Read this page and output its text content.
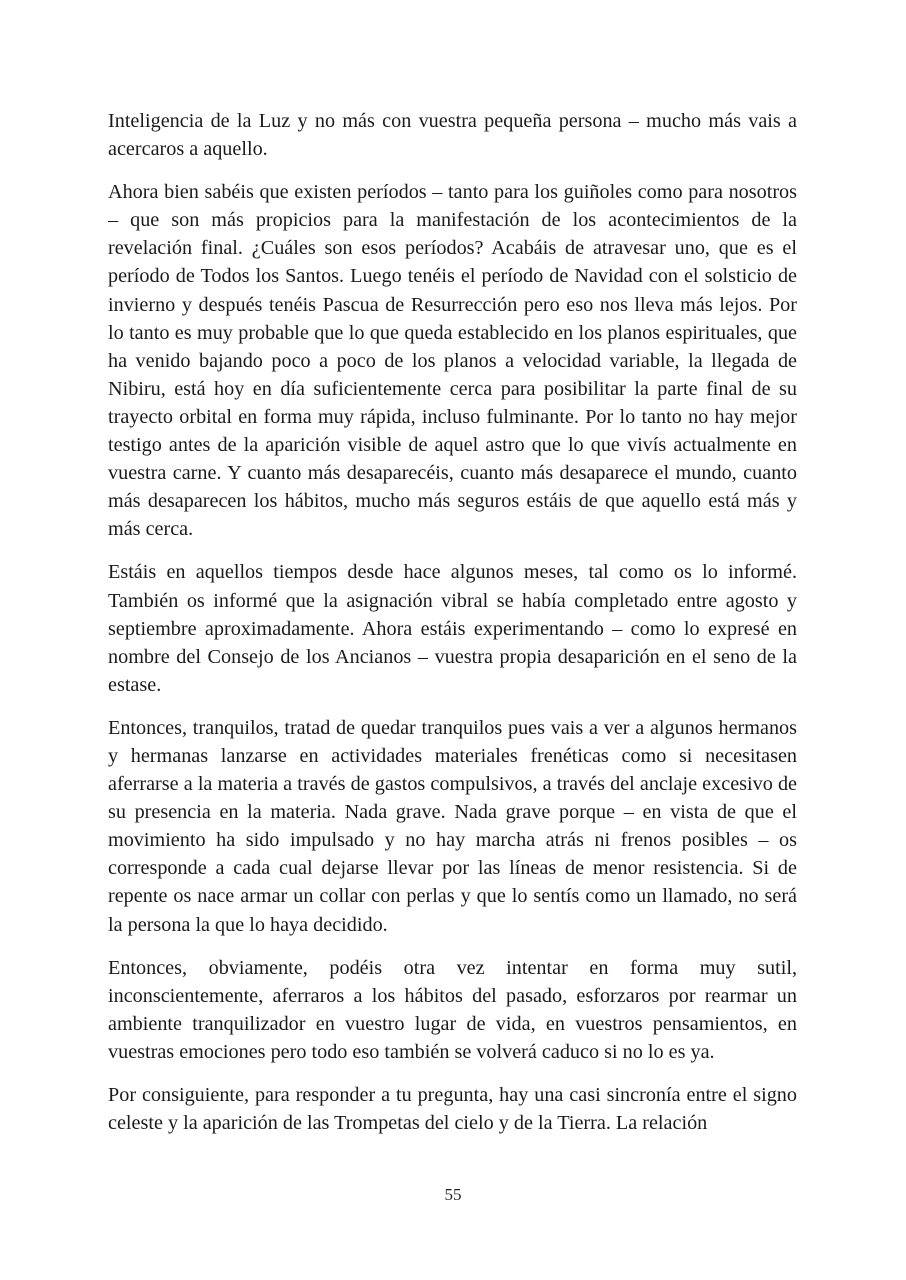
Inteligencia de la Luz y no más con vuestra pequeña persona – mucho más vais a acercaros a aquello.

Ahora bien sabéis que existen períodos – tanto para los guiñoles como para nosotros – que son más propicios para la manifestación de los acontecimientos de la revelación final. ¿Cuáles son esos períodos? Acabáis de atravesar uno, que es el período de Todos los Santos. Luego tenéis el período de Navidad con el solsticio de invierno y después tenéis Pascua de Resurrección pero eso nos lleva más lejos. Por lo tanto es muy probable que lo que queda establecido en los planos espirituales, que ha venido bajando poco a poco de los planos a velocidad variable, la llegada de Nibiru, está hoy en día suficientemente cerca para posibilitar la parte final de su trayecto orbital en forma muy rápida, incluso fulminante. Por lo tanto no hay mejor testigo antes de la aparición visible de aquel astro que lo que vivís actualmente en vuestra carne. Y cuanto más desaparecéis, cuanto más desaparece el mundo, cuanto más desaparecen los hábitos, mucho más seguros estáis de que aquello está más y más cerca.

Estáis en aquellos tiempos desde hace algunos meses, tal como os lo informé. También os informé que la asignación vibral se había completado entre agosto y septiembre aproximadamente. Ahora estáis experimentando – como lo expresé en nombre del Consejo de los Ancianos – vuestra propia desaparición en el seno de la estase.

Entonces, tranquilos, tratad de quedar tranquilos pues vais a ver a algunos hermanos y hermanas lanzarse en actividades materiales frenéticas como si necesitasen aferrarse a la materia a través de gastos compulsivos, a través del anclaje excesivo de su presencia en la materia. Nada grave. Nada grave porque – en vista de que el movimiento ha sido impulsado y no hay marcha atrás ni frenos posibles – os corresponde a cada cual dejarse llevar por las líneas de menor resistencia. Si de repente os nace armar un collar con perlas y que lo sentís como un llamado, no será la persona la que lo haya decidido.

Entonces, obviamente, podéis otra vez intentar en forma muy sutil, inconscientemente, aferraros a los hábitos del pasado, esforzaros por rearmar un ambiente tranquilizador en vuestro lugar de vida, en vuestros pensamientos, en vuestras emociones pero todo eso también se volverá caduco si no lo es ya.

Por consiguiente, para responder a tu pregunta, hay una casi sincronía entre el signo celeste y la aparición de las Trompetas del cielo y de la Tierra. La relación

55
